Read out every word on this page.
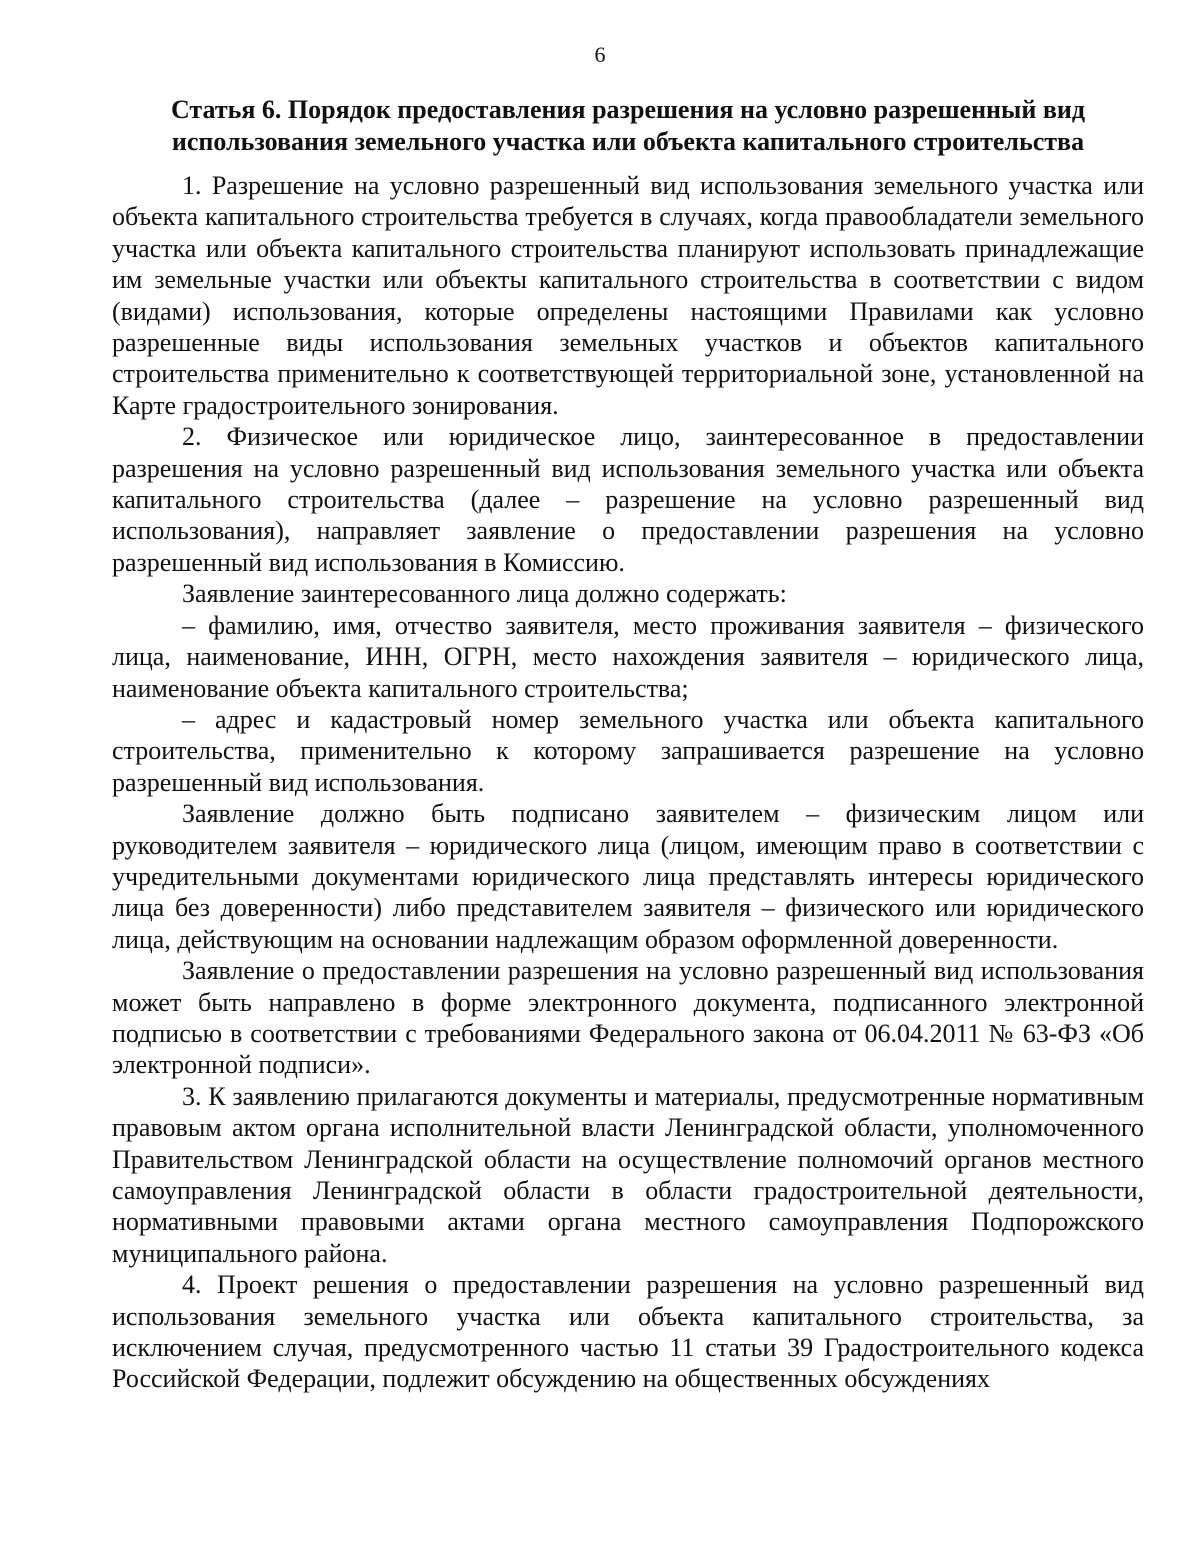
6
Статья 6. Порядок предоставления разрешения на условно разрешенный вид
использования земельного участка или объекта капитального строительства

1. Разрешение на условно разрешенный вид использования земельного участка или объекта капитального строительства требуется в случаях, когда правообладатели земельного участка или объекта капитального строительства планируют использовать принадлежащие им земельные участки или объекты капитального строительства в соответствии с видом (видами) использования, которые определены настоящими Правилами как условно разрешенные виды использования земельных участков и объектов капитального строительства применительно к соответствующей территориальной зоне, установленной на Карте градостроительного зонирования.

2. Физическое или юридическое лицо, заинтересованное в предоставлении разрешения на условно разрешенный вид использования земельного участка или объекта капитального строительства (далее – разрешение на условно разрешенный вид использования), направляет заявление о предоставлении разрешения на условно разрешенный вид использования в Комиссию.

Заявление заинтересованного лица должно содержать:

– фамилию, имя, отчество заявителя, место проживания заявителя – физического лица, наименование, ИНН, ОГРН, место нахождения заявителя – юридического лица, наименование объекта капитального строительства;

– адрес и кадастровый номер земельного участка или объекта капитального строительства, применительно к которому запрашивается разрешение на условно разрешенный вид использования.

Заявление должно быть подписано заявителем – физическим лицом или руководителем заявителя – юридического лица (лицом, имеющим право в соответствии с учредительными документами юридического лица представлять интересы юридического лица без доверенности) либо представителем заявителя – физического или юридического лица, действующим на основании надлежащим образом оформленной доверенности.

Заявление о предоставлении разрешения на условно разрешенный вид использования может быть направлено в форме электронного документа, подписанного электронной подписью в соответствии с требованиями Федерального закона от 06.04.2011 № 63-ФЗ «Об электронной подписи».

3. К заявлению прилагаются документы и материалы, предусмотренные нормативным правовым актом органа исполнительной власти Ленинградской области, уполномоченного Правительством Ленинградской области на осуществление полномочий органов местного самоуправления Ленинградской области в области градостроительной деятельности, нормативными правовыми актами органа местного самоуправления Подпорожского муниципального района.

4. Проект решения о предоставлении разрешения на условно разрешенный вид использования земельного участка или объекта капитального строительства, за исключением случая, предусмотренного частью 11 статьи 39 Градостроительного кодекса Российской Федерации, подлежит обсуждению на общественных обсуждениях
